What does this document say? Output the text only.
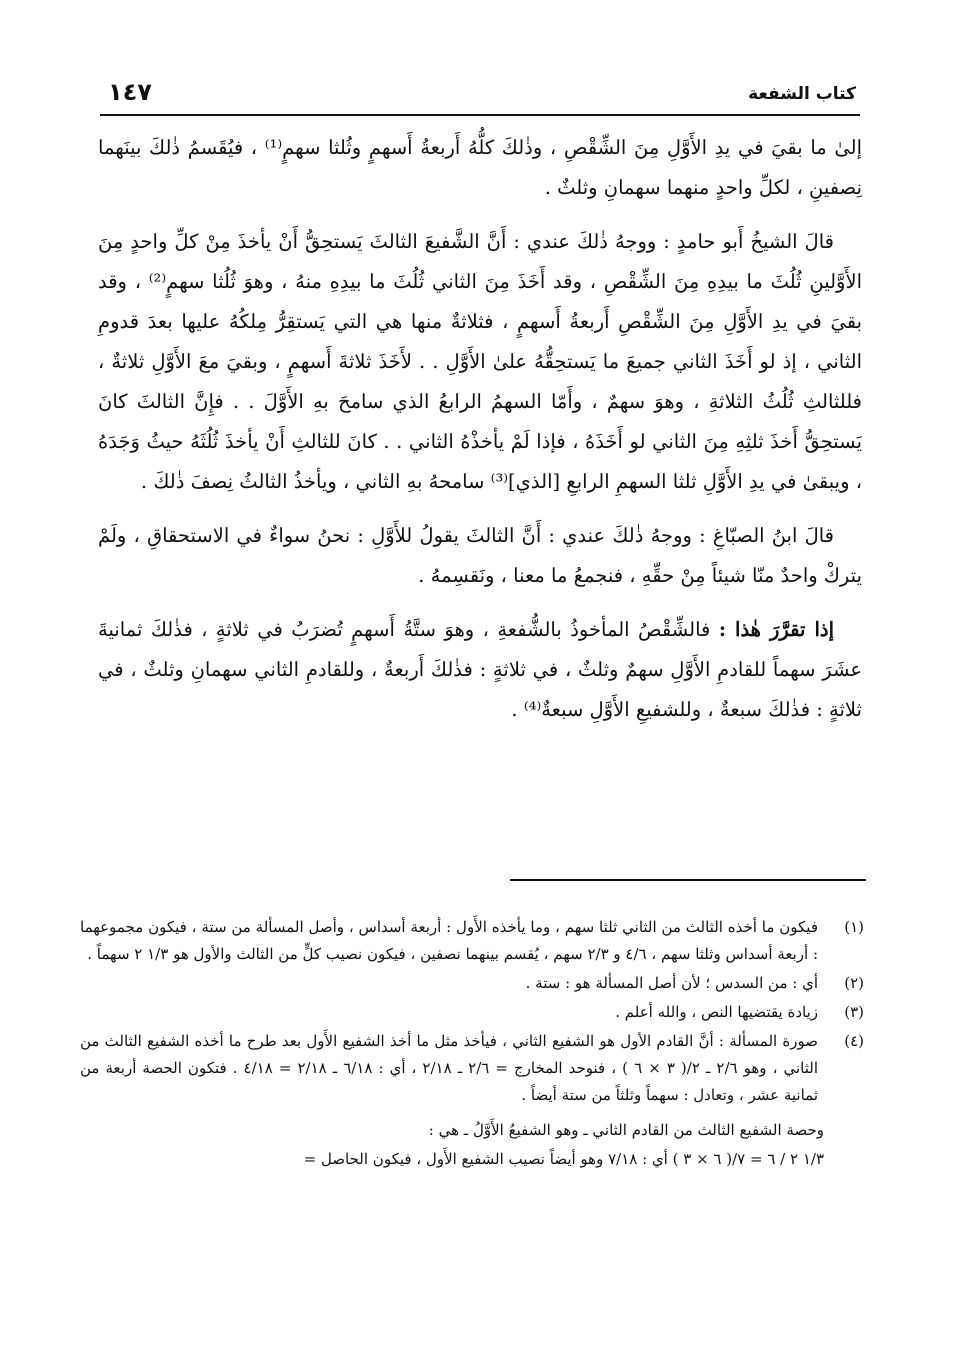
كتاب الشفعة
١٤٧

إلىٰ ما بقيَ في يدِ الأَوَّلِ مِنَ الشِّقْصِ ، وذٰلكَ كلُّهُ أَربعةُ أَسهمٍ وثُلثا سهمٍ⁽¹⁾ ، فيُقَسمُ ذٰلكَ بينَهما نِصفينِ ، لكلِّ واحدٍ منهما سهمانِ وثلثٌ .

قالَ الشيخُ أَبو حامدٍ : ووجهُ ذٰلكَ عندي : أَنَّ الشَّفيعَ الثالثَ يَستحِقُّ أَنْ يأخذَ مِنْ كلِّ واحدٍ مِنَ الأَوَّلينِ ثُلُثَ ما بيدِهِ مِنَ الشِّقْصِ ، وقد أَخَذَ مِنَ الثاني ثُلُثَ ما بيدِهِ منهُ ، وهوَ ثُلُثا سهمٍ⁽²⁾ ، وقد بقيَ في يدِ الأَوَّلِ مِنَ الشِّقْصِ أَربعةُ أَسهمٍ ، فثلاثةٌ منها هي التي يَستقِرُّ مِلكُهُ عليها بعدَ قدومِ الثاني ، إذ لو أَخَذَ الثاني جميعَ ما يَستحِقُّهُ علىٰ الأَوَّلِ . . لأَخَذَ ثلاثةَ أَسهمٍ ، وبقيَ معَ الأَوَّلِ ثلاثةٌ ، فللثالثِ ثُلُثُ الثلاثةِ ، وهوَ سهمٌ ، وأَمّا السهمُ الرابعُ الذي سامحَ بهِ الأَوَّلَ . . فإِنَّ الثالثَ كانَ يَستحِقُّ أَخذَ ثلثِهِ مِنَ الثاني لو أَخَذَهُ ، فإذا لَمْ يأخذْهُ الثاني . . كانَ للثالثِ أَنْ يأخذَ ثُلُثَهُ حيثُ وَجَدَهُ ، ويبقىٰ في يدِ الأَوَّلِ ثلثا السهمِ الرابعِ [الذي]⁽³⁾ سامحهُ بهِ الثاني ، ويأخذُ الثالثُ نِصفَ ذٰلكَ .

قالَ ابنُ الصبّاغِ : ووجهُ ذٰلكَ عندي : أَنَّ الثالثَ يقولُ للأَوَّلِ : نحنُ سواءٌ في الاستحقاقِ ، ولَمْ يتركْ واحدٌ منّا شيئاً مِنْ حقِّهِ ، فنجمعُ ما معنا ، ونَقسِمهُ .

إذا تقرَّرَ هٰذا : فالشِّقْصُ المأخوذُ بالشُّفعةِ ، وهوَ ستَّةُ أَسهمٍ تُضرَبُ في ثلاثةٍ ، فذٰلكَ ثمانيةَ عشَرَ سهماً للقادمِ الأَوَّلِ سهمٌ وثلثٌ ، في ثلاثةٍ : فذٰلكَ أَربعةٌ ، وللقادمِ الثاني سهمانِ وثلثٌ ، في ثلاثةٍ : فذٰلكَ سبعةٌ ، وللشفيعِ الأَوَّلِ سبعةٌ⁽⁴⁾ .

(١)
فيكون ما أخذه الثالث من الثاني ثلثا سهم ، وما يأخذه الأَول : أربعة أسداس ، وأصل المسألة من ستة ، فيكون مجموعهما : أربعة أسداس وثلثا سهم ، ٤/٦ و ٢/٣ سهم ، يُقسم بينهما نصفين ، فيكون نصيب كلٍّ من الثالث والأول هو ١/٣ ٢ سهماً .
(٢)
أي : من السدس ؛ لأن أصل المسألة هو : ستة .
(٣)
زيادة يقتضيها النص ، والله أعلم .
(٤)
صورة المسألة : أنَّ القادم الأول هو الشفيع الثاني ، فيأخذ مثل ما أخذ الشفيع الأَول بعد طرح ما أخذه الشفيع الثالث من الثاني ، وهو ٢/٦ ـ ٢/( ٣ × ٦ ) ، فنوحد المخارج = ٢/٦ ـ ٢/١٨ ، أي : ٦/١٨ ـ ٢/١٨ = ٤/١٨ . فتكون الحصة أربعة من ثمانية عشر ، وتعادل : سهماً وثلثاً من ستة أيضاً .
وحصة الشفيع الثالث من القادم الثاني ـ وهو الشفيعُ الأَوَّلُ ـ هي :
١/٣ ٢ / ٦ = ٧/( ٦ × ٣ ) أي : ٧/١٨ وهو أيضاً نصيب الشفيع الأَول ، فيكون الحاصل =
